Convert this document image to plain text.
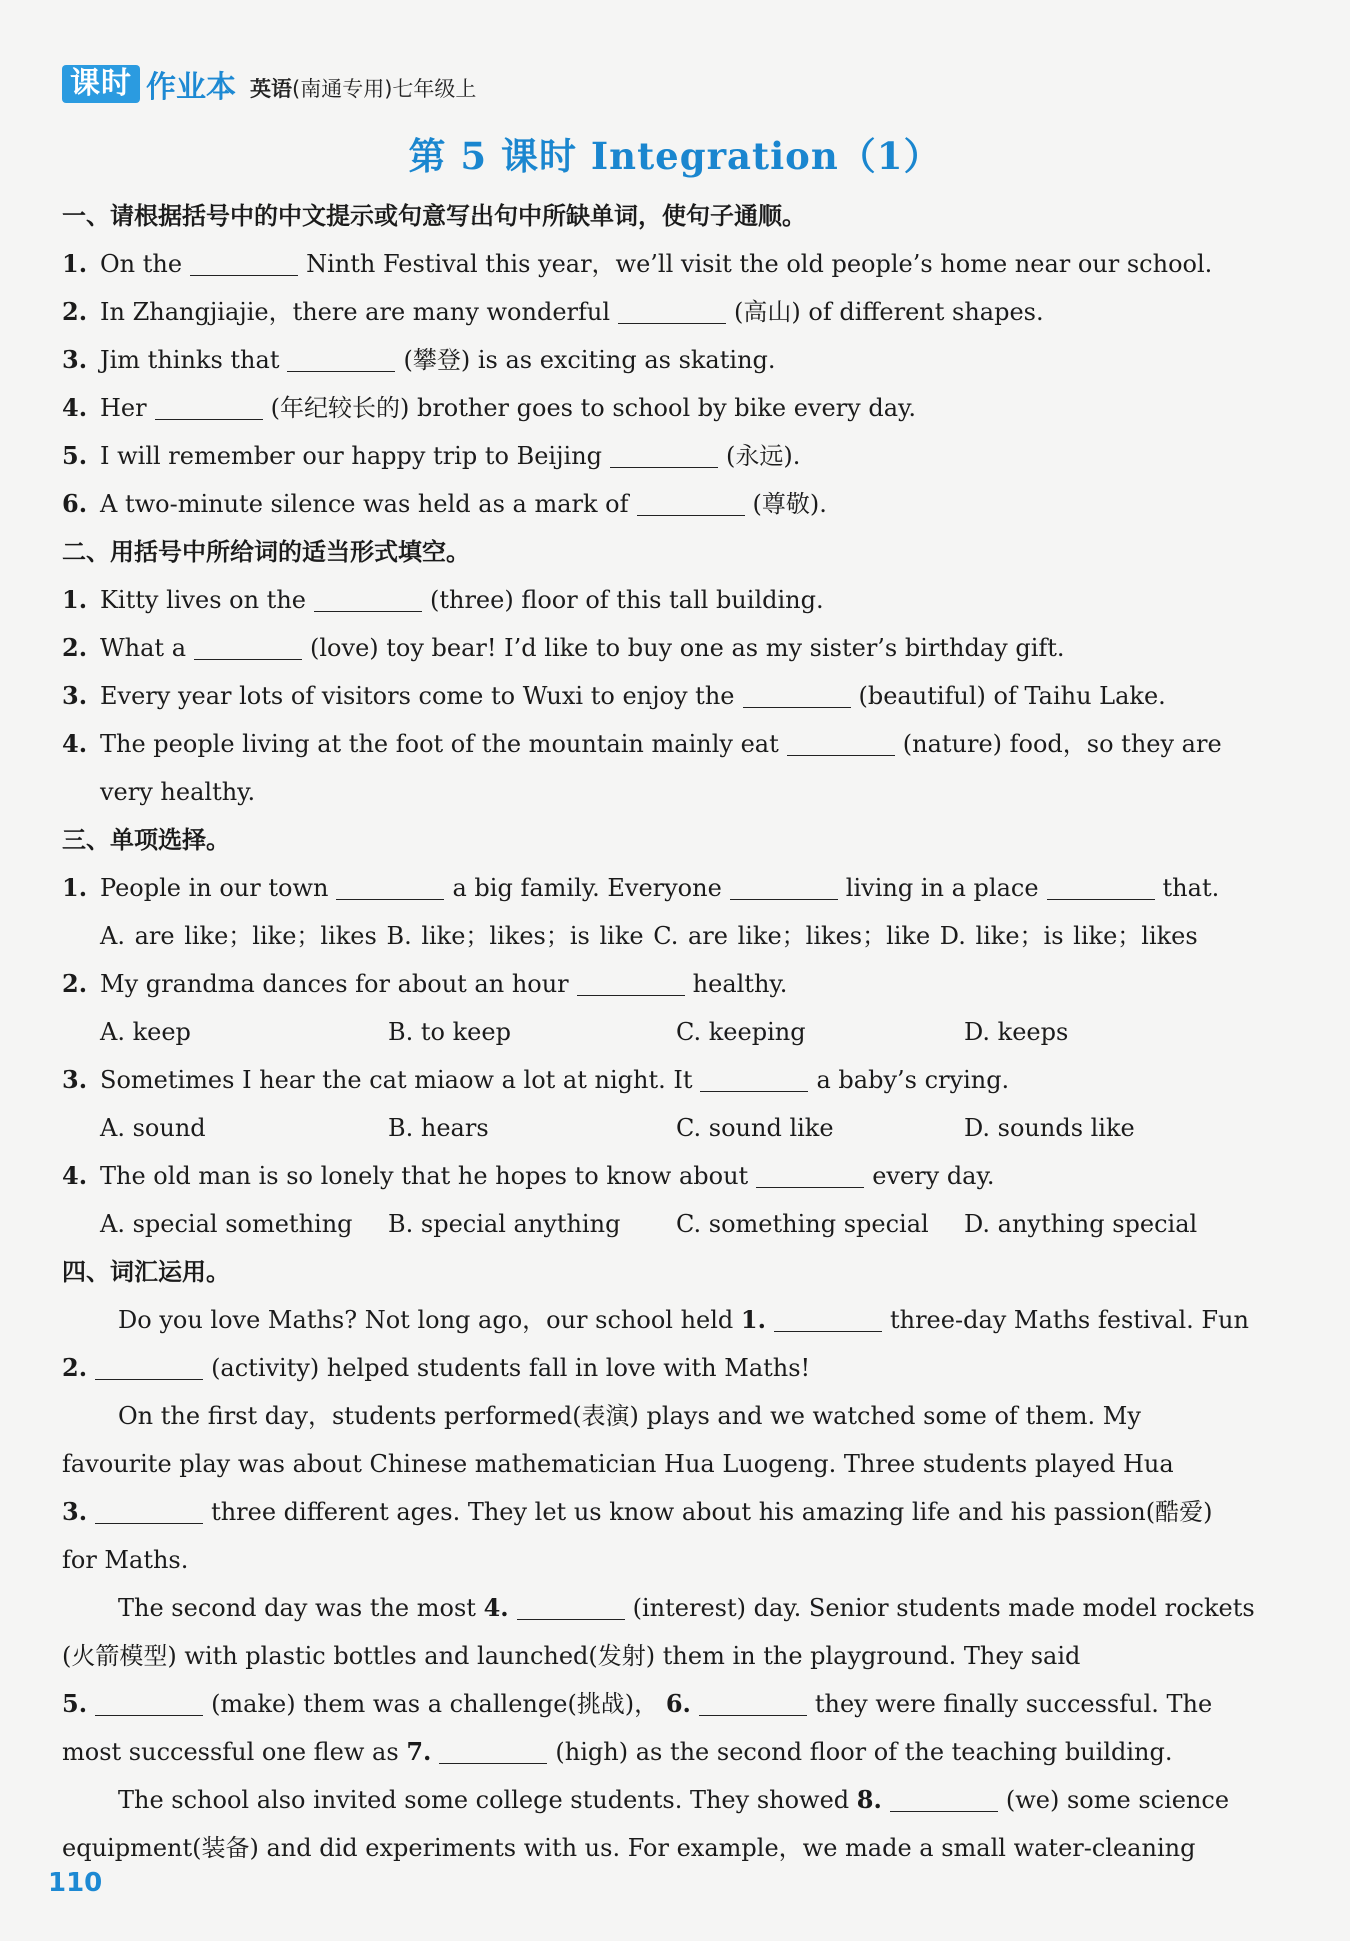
课时 作业本 英语(南通专用)七年级上
第 5 课时 Integration（1）
一、请根据括号中的中文提示或句意写出句中所缺单词，使句子通顺。
1. On the	Ninth Festival this year，we’ll visit the old people’s home near our school.
2. In Zhangjiajie，there are many wonderful	(高山) of different shapes.
3. Jim thinks that	(攀登) is as exciting as skating.
4. Her	(年纪较长的) brother goes to school by bike every day.
5. I will remember our happy trip to Beijing	(永远).
6. A two-minute silence was held as a mark of	(尊敬).
二、用括号中所给词的适当形式填空。
1. Kitty lives on the	(three) floor of this tall building.
2. What a	(love) toy bear! I’d like to buy one as my sister’s birthday gift.
3. Every year lots of visitors come to Wuxi to enjoy the	(beautiful) of Taihu Lake.
4. The people living at the foot of the mountain mainly eat	(nature) food，so they are
very healthy.
三、单项选择。
1. People in our town	a big family. Everyone	living in a place	that.
A. are like；like；likes B. like；likes；is like C. are like；likes；like D. like；is like；likes
2. My grandma dances for about an hour	healthy.
A. keep	B. to keep	C. keeping	D. keeps
3. Sometimes I hear the cat miaow a lot at night. It	a baby’s crying.
A. sound	B. hears	C. sound like	D. sounds like
4. The old man is so lonely that he hopes to know about	every day.
A. special something	B. special anything	C. something special	D. anything special
四、词汇运用。
Do you love Maths? Not long ago，our school held 1.	three-day Maths festival. Fun
2.	(activity) helped students fall in love with Maths!
On the first day，students performed(表演) plays and we watched some of them. My
favourite play was about Chinese mathematician Hua Luogeng. Three students played Hua
3.	three different ages. They let us know about his amazing life and his passion(酷爱)
for Maths.
The second day was the most 4.	(interest) day. Senior students made model rockets
(火箭模型) with plastic bottles and launched(发射) them in the playground. They said
5.	(make) them was a challenge(挑战)， 6.	they were finally successful. The
most successful one flew as 7.	(high) as the second floor of the teaching building.
The school also invited some college students. They showed 8.	(we) some science
equipment(装备) and did experiments with us. For example，we made a small water-cleaning
110
